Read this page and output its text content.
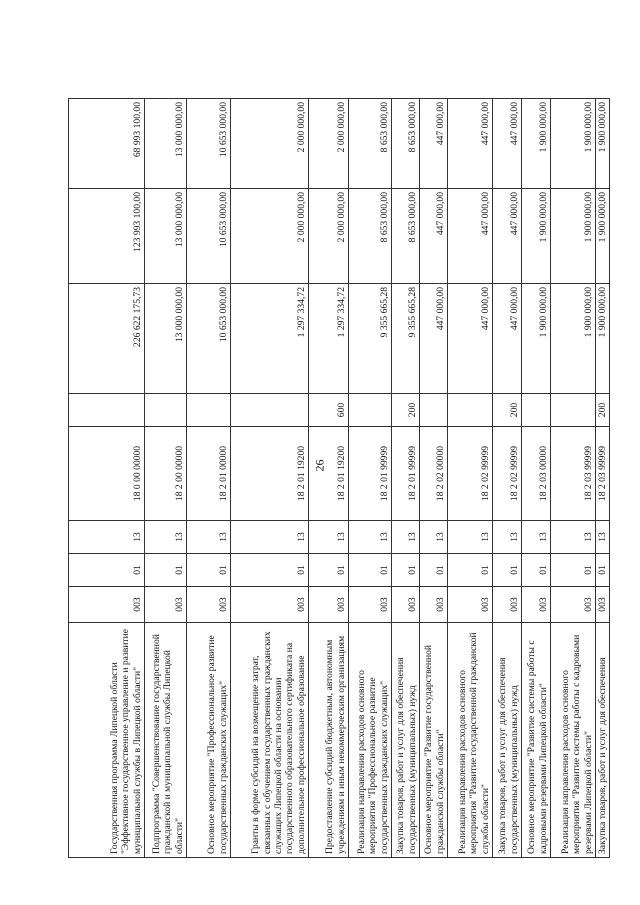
26
Государственная программа Липецкой области "Эффективное государственное управление и развитие муниципальной службы в Липецкой области"	003	01	13	18 0 00 00000		226 622 175,73	123 993 100,00	68 993 100,00
Подпрограмма "Совершенствование государственной гражданской и муниципальной службы Липецкой области"	003	01	13	18 2 00 00000		13 000 000,00	13 000 000,00	13 000 000,00
Основное мероприятие "Профессиональное развитие государственных гражданских служащих"	003	01	13	18 2 01 00000		10 653 000,00	10 653 000,00	10 653 000,00
Гранты в форме субсидий на возмещение затрат, связанных с обучением государственных гражданских служащих Липецкой области на основании государственного образовательного сертификата на дополнительное профессиональное образование	003	01	13	18 2 01 19200		1 297 334,72	2 000 000,00	2 000 000,00
Предоставление субсидий бюджетным, автономным учреждениям и иным некоммерческим организациям	003	01	13	18 2 01 19200	600	1 297 334,72	2 000 000,00	2 000 000,00
Реализация направления расходов основного мероприятия "Профессиональное развитие государственных гражданских служащих"	003	01	13	18 2 01 99999		9 355 665,28	8 653 000,00	8 653 000,00
Закупка товаров, работ и услуг для обеспечения государственных (муниципальных) нужд	003	01	13	18 2 01 99999	200	9 355 665,28	8 653 000,00	8 653 000,00
Основное мероприятие "Развитие государственной гражданской службы области"	003	01	13	18 2 02 00000		447 000,00	447 000,00	447 000,00
Реализация направления расходов основного мероприятия "Развитие государственной гражданской службы области"	003	01	13	18 2 02 99999		447 000,00	447 000,00	447 000,00
Закупка товаров, работ и услуг для обеспечения государственных (муниципальных) нужд	003	01	13	18 2 02 99999	200	447 000,00	447 000,00	447 000,00
Основное мероприятие "Развитие системы работы с кадровыми резервами Липецкой области"	003	01	13	18 2 03 00000		1 900 000,00	1 900 000,00	1 900 000,00
Реализация направления расходов основного мероприятия "Развитие системы работы с кадровыми резервами Липецкой области"	003	01	13	18 2 03 99999		1 900 000,00	1 900 000,00	1 900 000,00
Закупка товаров, работ и услуг для обеспечения	003	01	13	18 2 03 99999	200	1 900 000,00	1 900 000,00	1 900 000,00
